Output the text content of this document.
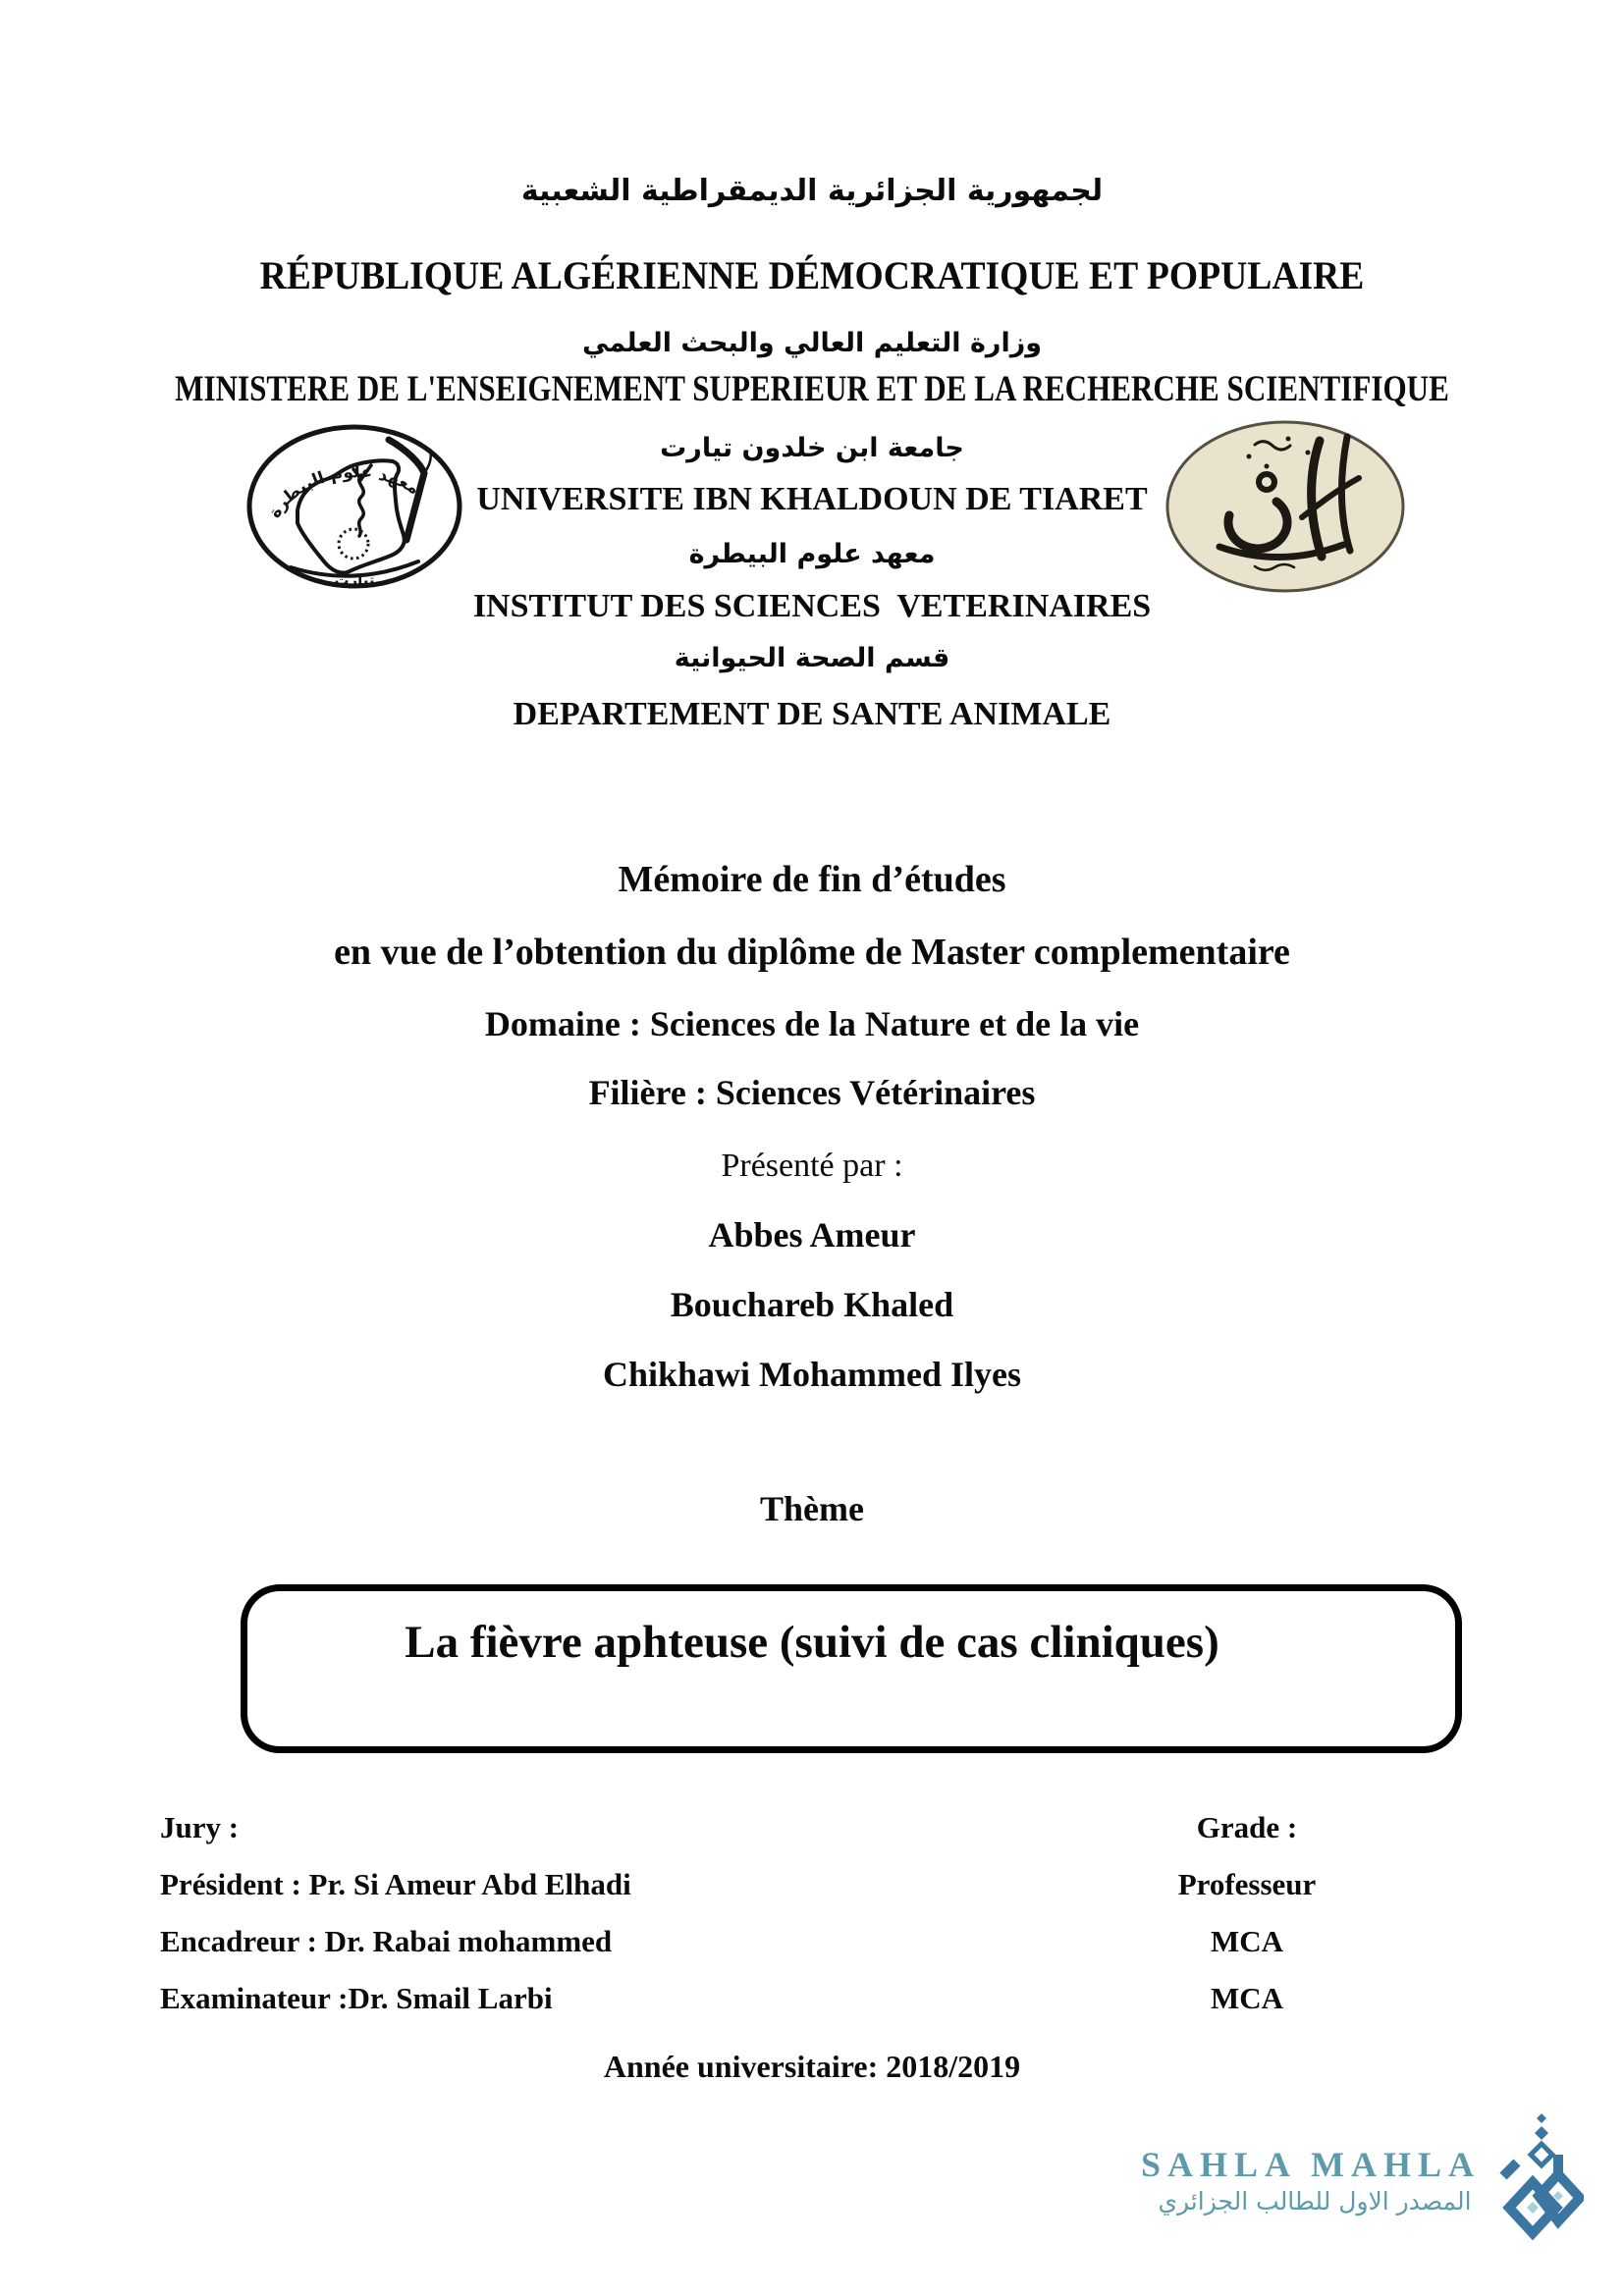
لجمهورية الجزائرية الديمقراطية الشعبية
RÉPUBLIQUE ALGÉRIENNE DÉMOCRATIQUE ET POPULAIRE
وزارة التعليم العالي والبحث العلمي
MINISTERE DE L'ENSEIGNEMENT SUPERIEUR ET DE LA RECHERCHE SCIENTIFIQUE
جامعة ابن خلدون تيارت
UNIVERSITE IBN KHALDOUN DE TIARET
معهد علوم البيطرة
INSTITUT DES SCIENCES  VETERINAIRES
قسم الصحة الحيوانية
DEPARTEMENT DE SANTE ANIMALE
معهد علوم البيطرة
تيارت
Mémoire de fin d’études
en vue de l’obtention du diplôme de Master complementaire
Domaine : Sciences de la Nature et de la vie
Filière : Sciences Vétérinaires
Présenté par :
Abbes Ameur
Bouchareb Khaled
Chikhawi Mohammed Ilyes
Thème
La fièvre aphteuse (suivi de cas cliniques)
Jury :	Grade :
Président : Pr. Si Ameur Abd Elhadi	Professeur
Encadreur : Dr. Rabai mohammed	MCA
Examinateur :Dr. Smail Larbi	MCA
Année universitaire: 2018/2019
SAHLA MAHLA
المصدر الاول للطالب الجزائري
